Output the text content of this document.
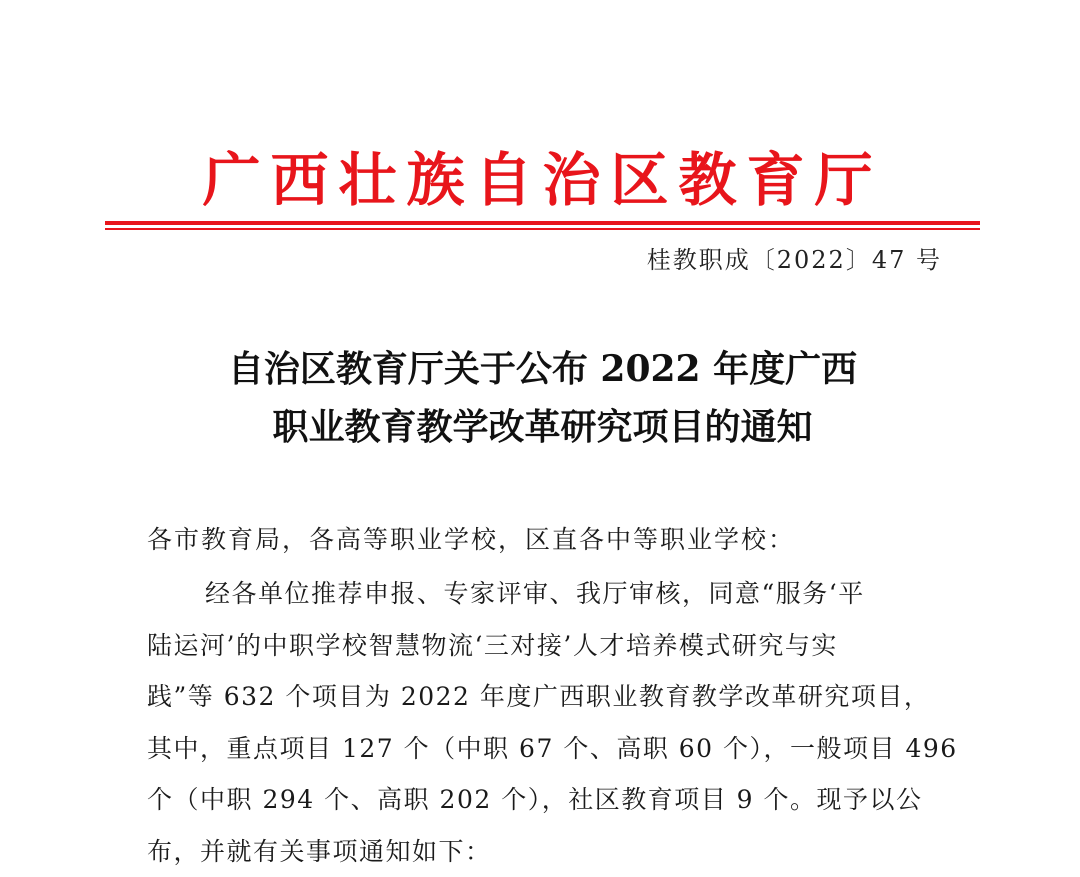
广西壮族自治区教育厅
桂教职成〔2022〕47 号
自治区教育厅关于公布 2022 年度广西
职业教育教学改革研究项目的通知
各市教育局，各高等职业学校，区直各中等职业学校：
经各单位推荐申报、专家评审、我厅审核，同意“服务‘平
陆运河’的中职学校智慧物流‘三对接’人才培养模式研究与实
践”等 632 个项目为 2022 年度广西职业教育教学改革研究项目，
其中，重点项目 127 个（中职 67 个、高职 60 个），一般项目 496
个（中职 294 个、高职 202 个），社区教育项目 9 个。现予以公
布，并就有关事项通知如下：
